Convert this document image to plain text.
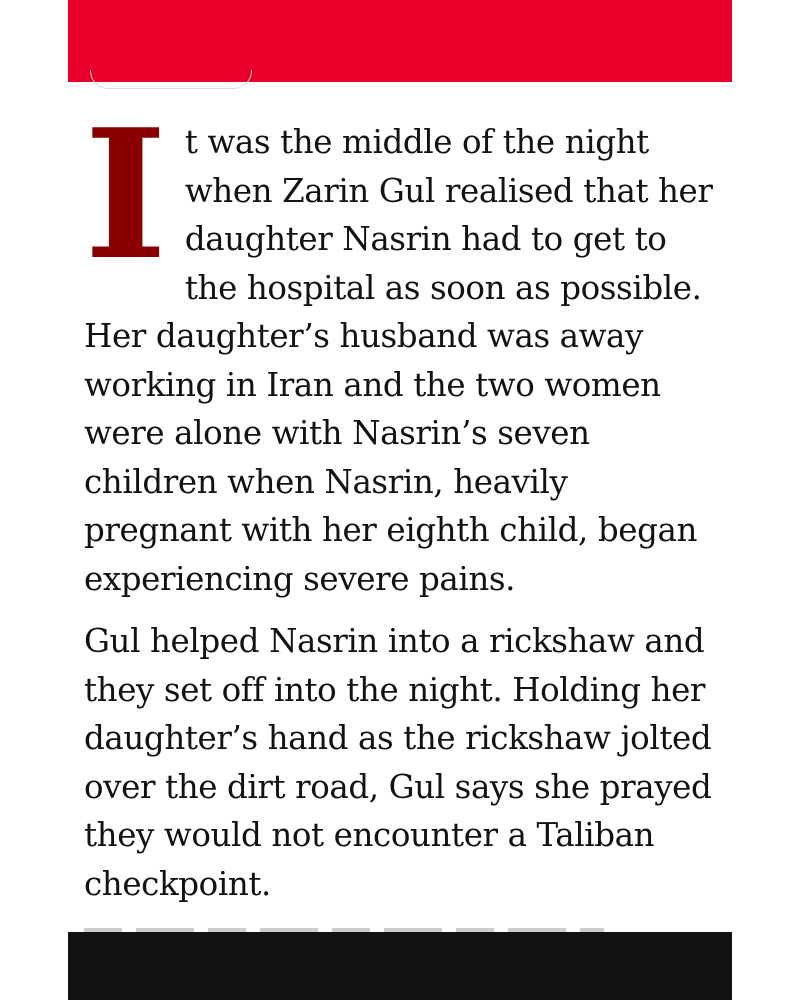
It was the middle of the night when Zarin Gul realised that her daughter Nasrin had to get to the hospital as soon as possible. Her daughter’s husband was away working in Iran and the two women were alone with Nasrin’s seven children when Nasrin, heavily pregnant with her eighth child, began experiencing severe pains.

Gul helped Nasrin into a rickshaw and they set off into the night. Holding her daughter’s hand as the rickshaw jolted over the dirt road, Gul says she prayed they would not encounter a Taliban checkpoint.
